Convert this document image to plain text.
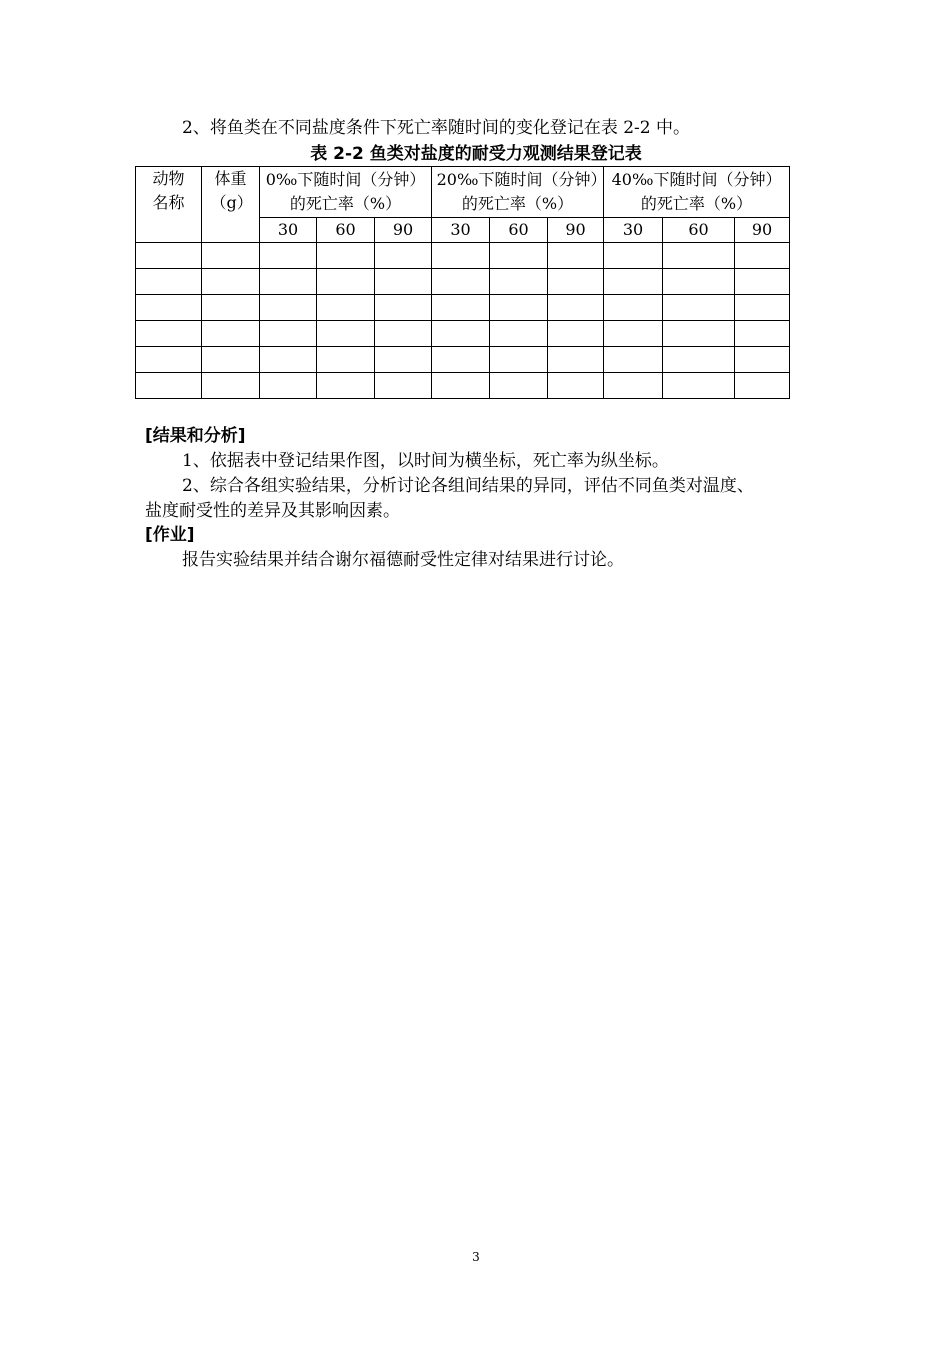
2、将鱼类在不同盐度条件下死亡率随时间的变化登记在表 2-2 中。
表 2-2 鱼类对盐度的耐受力观测结果登记表
动物名称	体重（g）	0‰下随时间（分钟）的死亡率（%）			20‰下随时间（分钟）的死亡率（%）			40‰下随时间（分钟）的死亡率（%）		

		30	60	90	30	60	90	30	60	90

[结果和分析]
1、依据表中登记结果作图，以时间为横坐标，死亡率为纵坐标。
2、综合各组实验结果，分析讨论各组间结果的异同，评估不同鱼类对温度、
盐度耐受性的差异及其影响因素。
[作业]
报告实验结果并结合谢尔福德耐受性定律对结果进行讨论。
3
